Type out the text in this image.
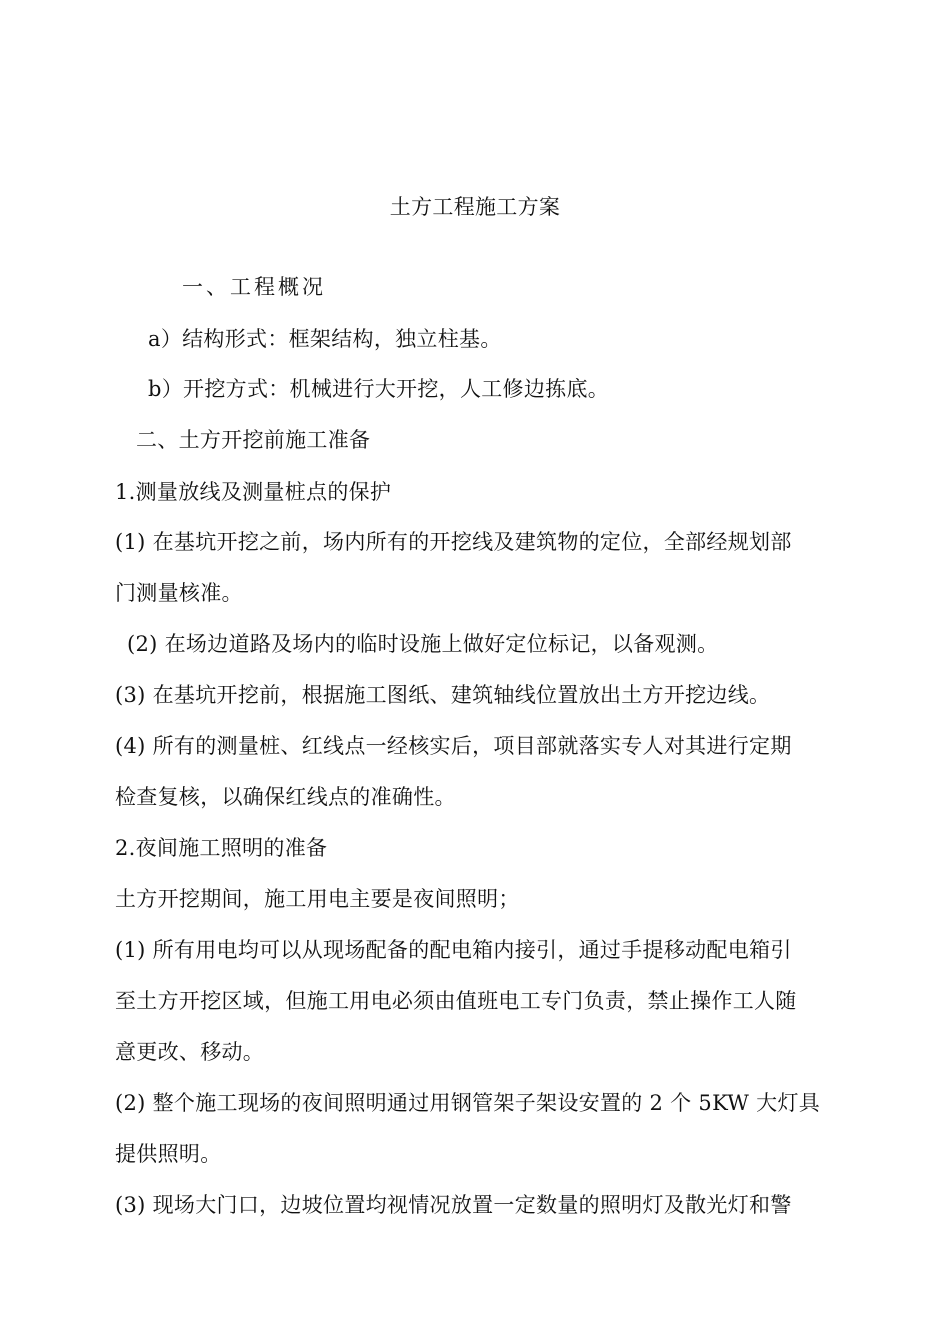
土方工程施工方案
一、工程概况
a）结构形式：框架结构，独立柱基。
b）开挖方式：机械进行大开挖，人工修边拣底。
二、土方开挖前施工准备
1.测量放线及测量桩点的保护
(1) 在基坑开挖之前，场内所有的开挖线及建筑物的定位，全部经规划部
门测量核准。
(2) 在场边道路及场内的临时设施上做好定位标记，以备观测。
(3) 在基坑开挖前，根据施工图纸、建筑轴线位置放出土方开挖边线。
(4) 所有的测量桩、红线点一经核实后，项目部就落实专人对其进行定期
检查复核，以确保红线点的准确性。
2.夜间施工照明的准备
土方开挖期间，施工用电主要是夜间照明；
(1) 所有用电均可以从现场配备的配电箱内接引，通过手提移动配电箱引
至土方开挖区域，但施工用电必须由值班电工专门负责，禁止操作工人随
意更改、移动。
(2) 整个施工现场的夜间照明通过用钢管架子架设安置的 2 个 5KW 大灯具
提供照明。
(3) 现场大门口，边坡位置均视情况放置一定数量的照明灯及散光灯和警
